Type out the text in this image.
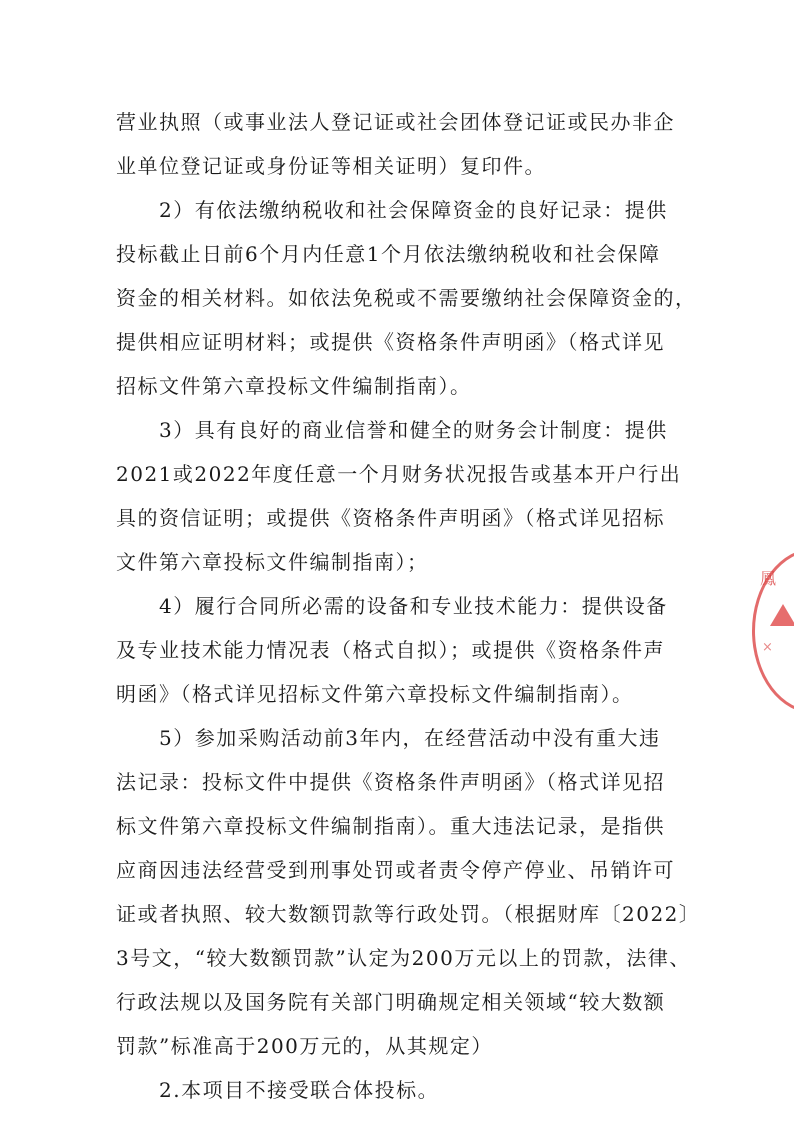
营业执照（或事业法人登记证或社会团体登记证或民办非企
业单位登记证或身份证等相关证明）复印件。
　　2）有依法缴纳税收和社会保障资金的良好记录：提供
投标截止日前6个月内任意1个月依法缴纳税收和社会保障
资金的相关材料。如依法免税或不需要缴纳社会保障资金的，
提供相应证明材料；或提供《资格条件声明函》（格式详见
招标文件第六章投标文件编制指南）。
　　3）具有良好的商业信誉和健全的财务会计制度：提供
2021或2022年度任意一个月财务状况报告或基本开户行出
具的资信证明；或提供《资格条件声明函》（格式详见招标
文件第六章投标文件编制指南）；
　　4）履行合同所必需的设备和专业技术能力：提供设备
及专业技术能力情况表（格式自拟）；或提供《资格条件声
明函》（格式详见招标文件第六章投标文件编制指南）。
　　5）参加采购活动前3年内，在经营活动中没有重大违
法记录：投标文件中提供《资格条件声明函》（格式详见招
标文件第六章投标文件编制指南）。重大违法记录，是指供
应商因违法经营受到刑事处罚或者责令停产停业、吊销许可
证或者执照、较大数额罚款等行政处罚。（根据财库〔2022〕
3号文，“较大数额罚款”认定为200万元以上的罚款，法律、
行政法规以及国务院有关部门明确规定相关领域“较大数额
罚款”标准高于200万元的，从其规定）
　　2.本项目不接受联合体投标。
鳳
×
